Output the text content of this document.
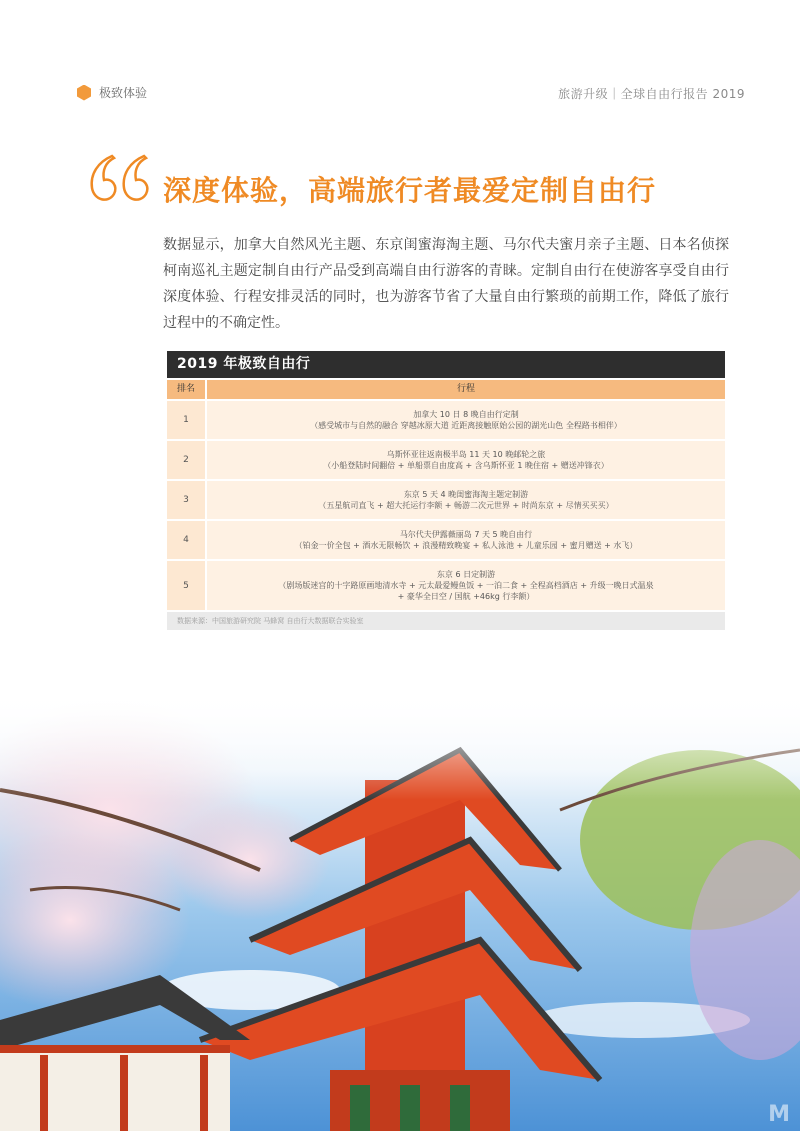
极致体验	旅游升级｜全球自由行报告 2019
深度体验，高端旅行者最爱定制自由行
数据显示，加拿大自然风光主题、东京闺蜜海淘主题、马尔代夫蜜月亲子主题、日本名侦探柯南巡礼主题定制自由行产品受到高端自由行游客的青睐。定制自由行在使游客享受自由行深度体验、行程安排灵活的同时，也为游客节省了大量自由行繁琐的前期工作，降低了旅行过程中的不确定性。
2019 年极致自由行
排名	行程
1
加拿大 10 日 8 晚自由行定制
（感受城市与自然的融合 穿越冰原大道 近距离接触原始公园的湖光山色 全程路书相伴）
2
乌斯怀亚往返南极半岛 11 天 10 晚邮轮之旅
（小船登陆时间翻倍 + 单船票自由度高 + 含乌斯怀亚 1 晚住宿 + 赠送冲锋衣）
3
东京 5 天 4 晚闺蜜海淘主题定制游
（五星航司直飞 + 超大托运行李额 + 畅游二次元世界 + 时尚东京 + 尽情买买买）
4
马尔代夫伊露薇丽岛 7 天 5 晚自由行
（铂金一价全包 + 酒水无限畅饮 + 浪漫精致晚宴 + 私人泳池 + 儿童乐园 + 蜜月赠送 + 水飞）
5
东京 6 日定制游
（剧场版迷宫的十字路原画地清水寺 + 元太最爱鳗鱼饭 + 一泊二食 + 全程高档酒店 + 升级一晚日式温泉
+ 豪华全日空 / 国航 +46kg 行李额）
数据来源：中国旅游研究院 马蜂窝 自由行大数据联合实验室
M
